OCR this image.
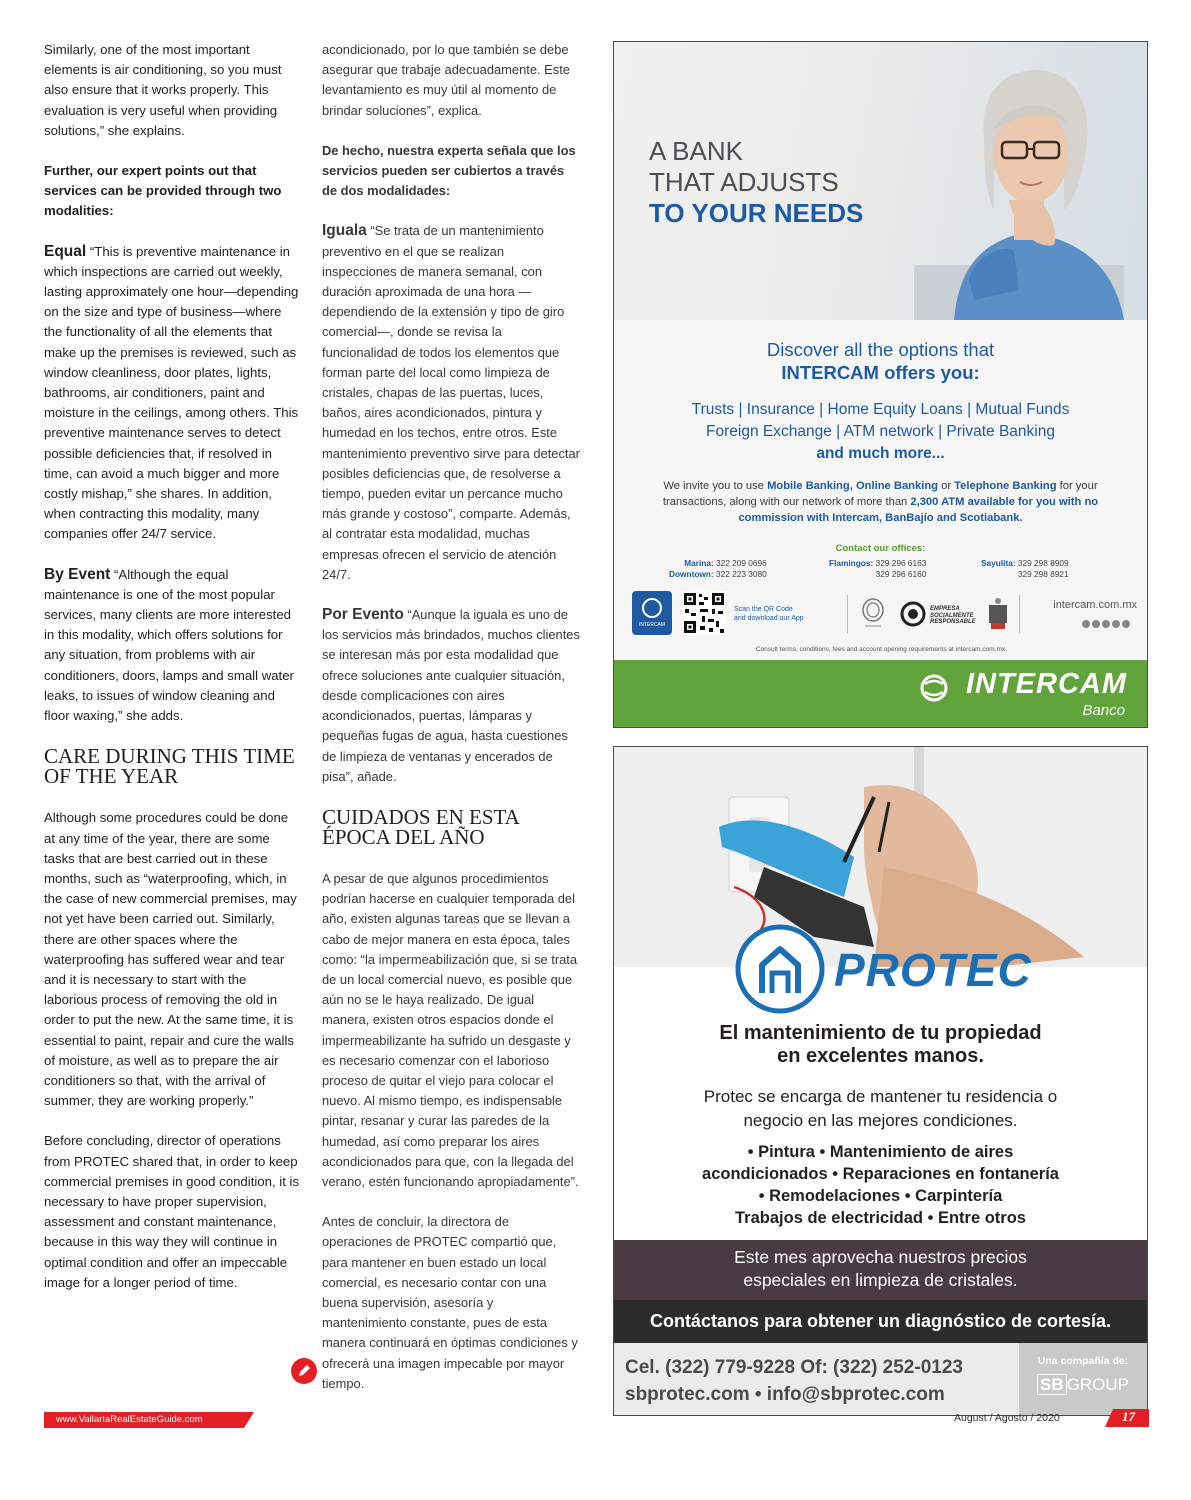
Similarly, one of the most important elements is air conditioning, so you must also ensure that it works properly. This evaluation is very useful when providing solutions,” she explains.

Further, our expert points out that services can be provided through two modalities:

Equal “This is preventive maintenance in which inspections are carried out weekly, lasting approximately one hour—depending on the size and type of business—where the functionality of all the elements that make up the premises is reviewed, such as window cleanliness, door plates, lights, bathrooms, air conditioners, paint and moisture in the ceilings, among others. This preventive maintenance serves to detect possible deficiencies that, if resolved in time, can avoid a much bigger and more costly mishap,” she shares. In addition, when contracting this modality, many companies offer 24/7 service.

By Event “Although the equal maintenance is one of the most popular services, many clients are more interested in this modality, which offers solutions for any situation, from problems with air conditioners, doors, lamps and small water leaks, to issues of window cleaning and floor waxing,” she adds.

CARE DURING THIS TIME OF THE YEAR

Although some procedures could be done at any time of the year, there are some tasks that are best carried out in these months, such as “waterproofing, which, in the case of new commercial premises, may not yet have been carried out. Similarly, there are other spaces where the waterproofing has suffered wear and tear and it is necessary to start with the laborious process of removing the old in order to put the new. At the same time, it is essential to paint, repair and cure the walls of moisture, as well as to prepare the air conditioners so that, with the arrival of summer, they are working properly.”

Before concluding, director of operations from PROTEC shared that, in order to keep commercial premises in good condition, it is necessary to have proper supervision, assessment and constant maintenance, because in this way they will continue in optimal condition and offer an impeccable image for a longer period of time.

acondicionado, por lo que también se debe asegurar que trabaje adecuadamente. Este levantamiento es muy útil al momento de brindar soluciones”, explica.

De hecho, nuestra experta señala que los servicios pueden ser cubiertos a través de dos modalidades:

Iguala “Se trata de un mantenimiento preventivo en el que se realizan inspecciones de manera semanal, con duración aproximada de una hora —dependiendo de la extensión y tipo de giro comercial—, donde se revisa la funcionalidad de todos los elementos que forman parte del local como limpieza de cristales, chapas de las puertas, luces, baños, aires acondicionados, pintura y humedad en los techos, entre otros. Este mantenimiento preventivo sirve para detectar posibles deficiencias que, de resolverse a tiempo, pueden evitar un percance mucho más grande y costoso”, comparte. Además, al contratar esta modalidad, muchas empresas ofrecen el servicio de atención 24/7.

Por Evento “Aunque la iguala es uno de los servicios más brindados, muchos clientes se interesan más por esta modalidad que ofrece soluciones ante cualquier situación, desde complicaciones con aires acondicionados, puertas, lámparas y pequeñas fugas de agua, hasta cuestiones de limpieza de ventanas y encerados de pisa”, añade.

CUIDADOS EN ESTA ÉPOCA DEL AÑO

A pesar de que algunos procedimientos podrían hacerse en cualquier temporada del año, existen algunas tareas que se llevan a cabo de mejor manera en esta época, tales como: “la impermeabilización que, si se trata de un local comercial nuevo, es posible que aún no se le haya realizado. De igual manera, existen otros espacios donde el impermeabilizante ha sufrido un desgaste y es necesario comenzar con el laborioso proceso de quitar el viejo para colocar el nuevo. Al mismo tiempo, es indispensable pintar, resanar y curar las paredes de la humedad, así como preparar los aires acondicionados para que, con la llegada del verano, estén funcionando apropiadamente”.

Antes de concluir, la directora de operaciones de PROTEC compartió que, para mantener en buen estado un local comercial, es necesario contar con una buena supervisión, asesoría y mantenimiento constante, pues de esta manera continuará en óptimas condiciones y ofrecerá una imagen impecable por mayor tiempo.

A BANK
THAT ADJUSTS
TO YOUR NEEDS
Discover all the options that
INTERCAM offers you:
Trusts | Insurance | Home Equity Loans | Mutual Funds
Foreign Exchange | ATM network | Private Banking
and much more...
We invite you to use Mobile Banking, Online Banking or Telephone Banking for your transactions, along with our network of more than 2,300 ATM available for you with no commission with Intercam, BanBajío and Scotiabank.
Contact our offices:
Marina: 322 209 0696
Downtown: 322 223 3080
Flamingos: 329 296 6163
329 296 6160
Sayulita: 329 298 8909
329 298 8921
INTERCAM
Scan the QR Code
and download our App
EMPRESA
SOCIALMENTE
RESPONSABLE
intercam.com.mx
Consult terms, conditions, fees and account opening requirements at intercam.com.mx
INTERCAM
Banco
PROTEC
El mantenimiento de tu propiedad
en excelentes manos.
Protec se encarga de mantener tu residencia o
negocio en las mejores condiciones.
• Pintura • Mantenimiento de aires
acondicionados • Reparaciones en fontanería
• Remodelaciones • Carpintería
Trabajos de electricidad • Entre otros
Este mes aprovecha nuestros precios
especiales en limpieza de cristales.
Contáctanos para obtener un diagnóstico de cortesía.
Cel. (322) 779-9228 Of: (322) 252-0123
sbprotec.com • info@sbprotec.com
Una compañía de:
SB GROUP
www.VallartaRealEstateGuide.com	August / Agosto / 2020	17
